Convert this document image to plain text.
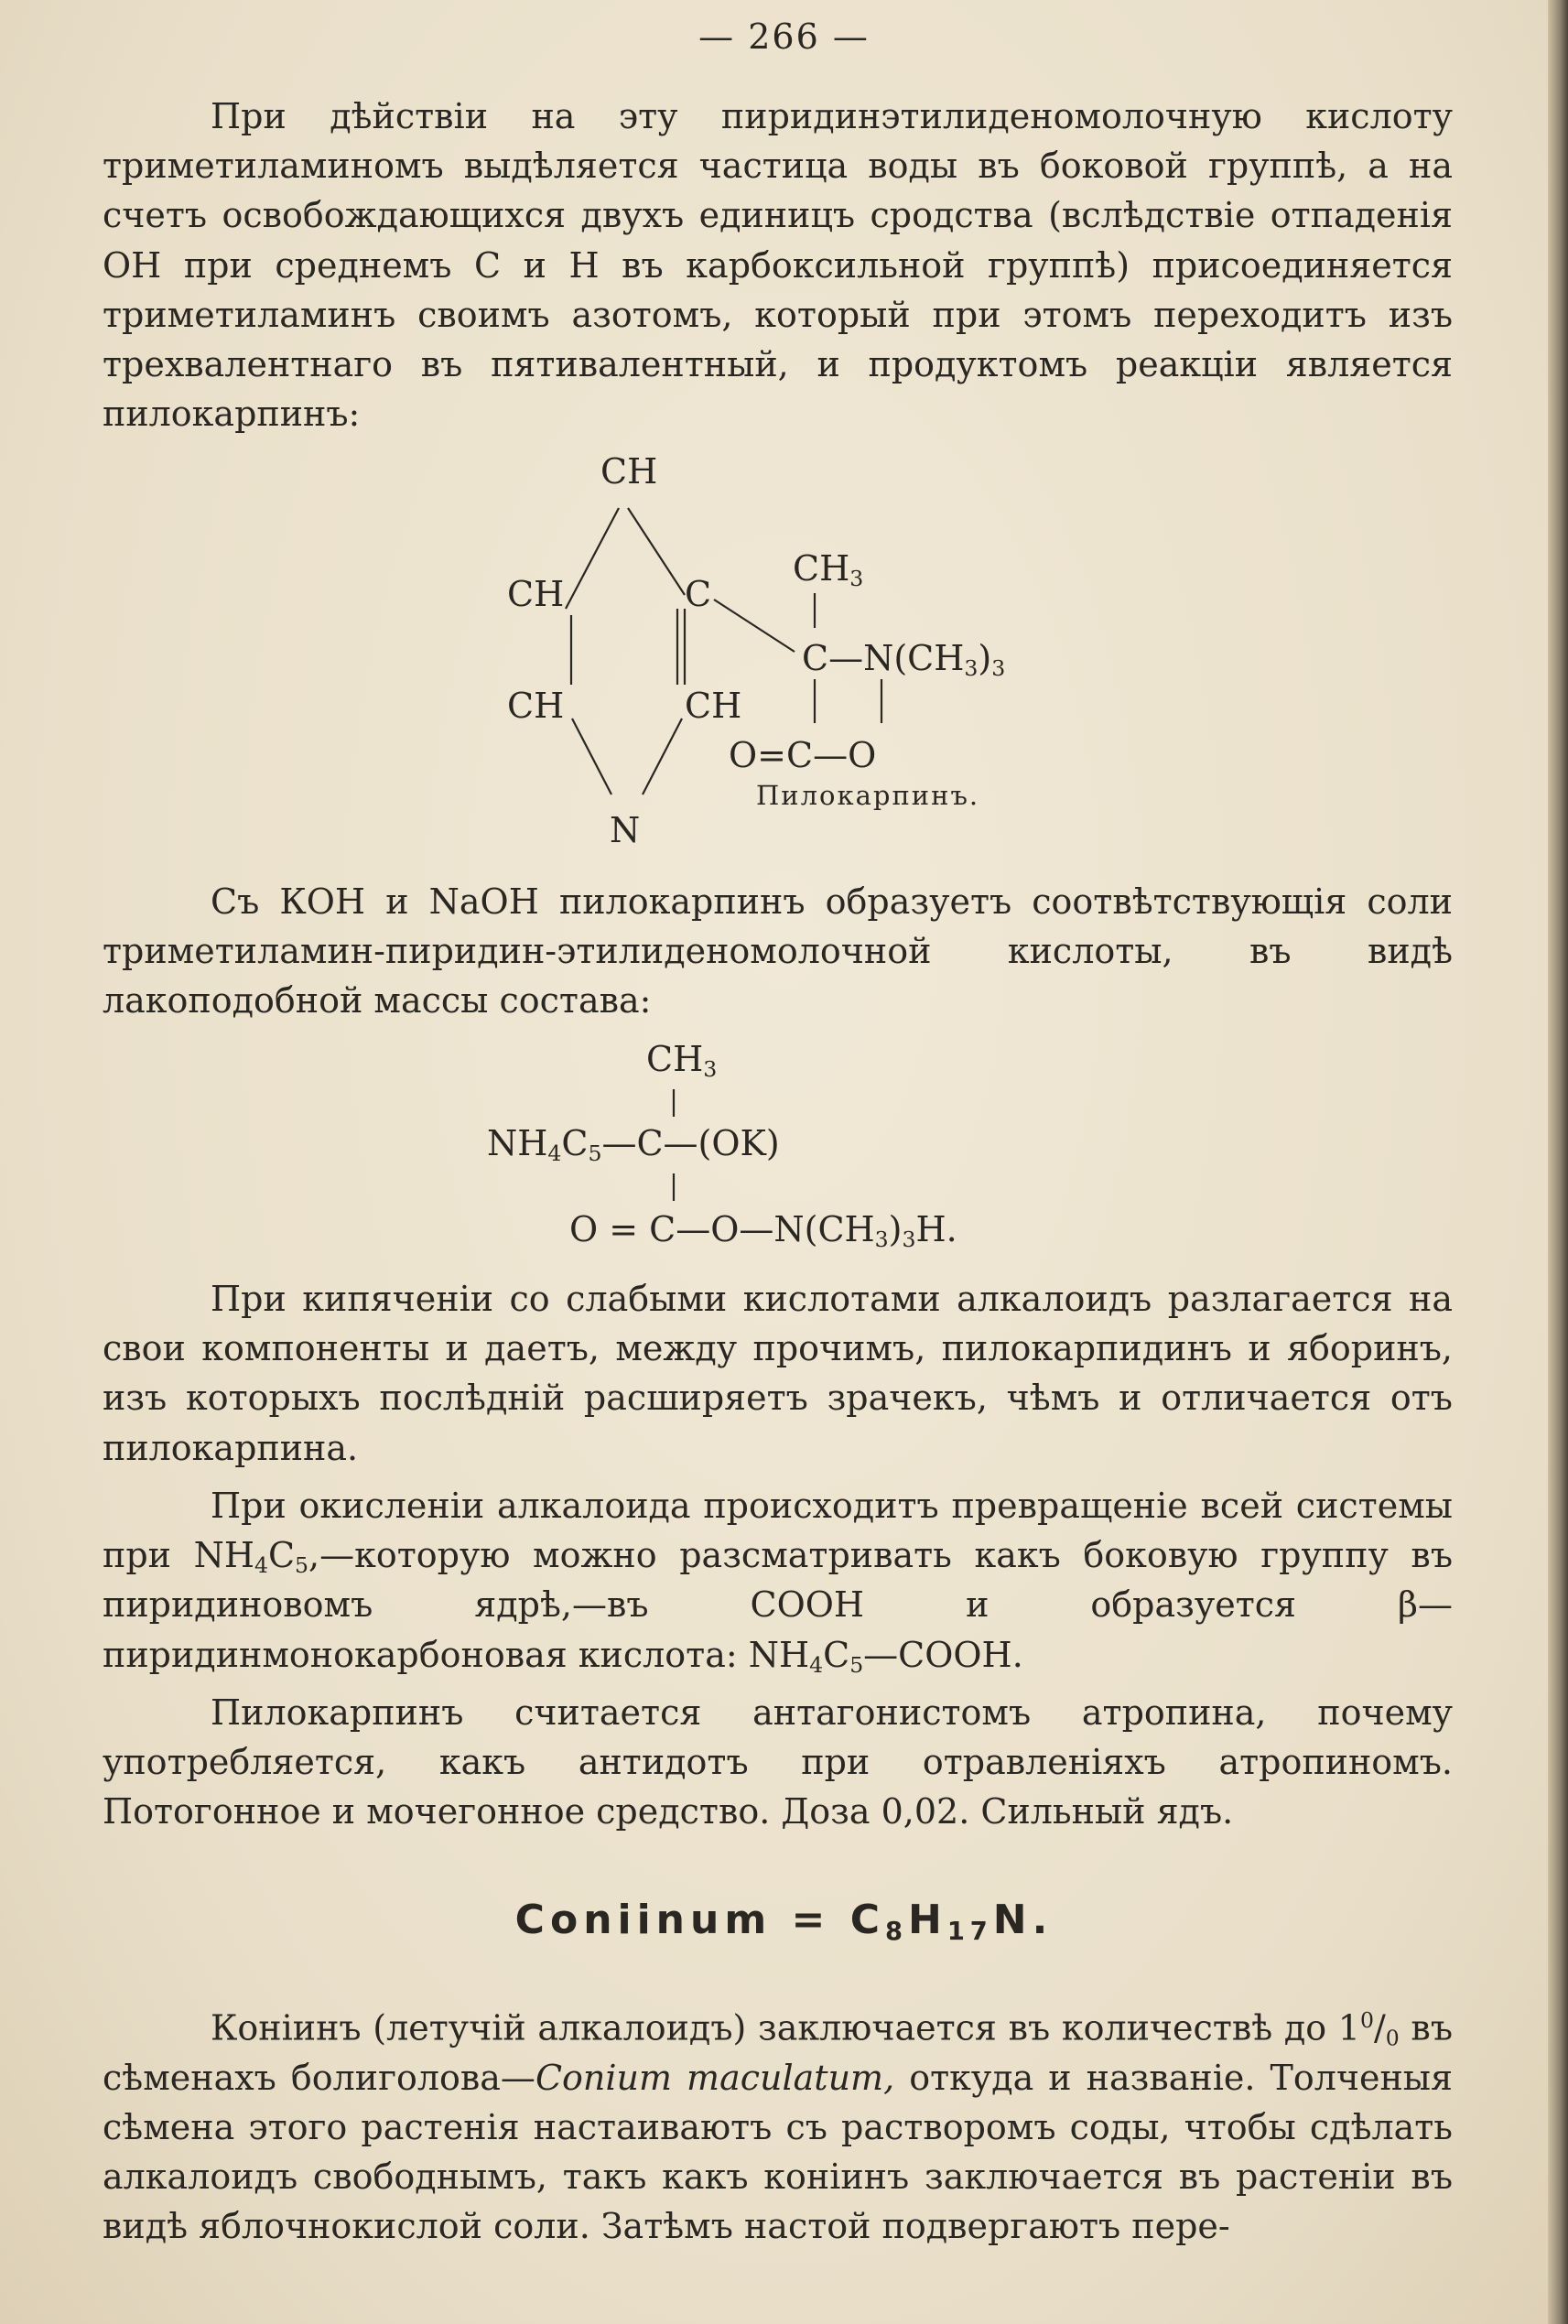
— 266 —
При дѣйствіи на эту пиридинэтилиденомолочную кислоту триметиламиномъ выдѣляется частица воды въ боковой группѣ, а на счетъ освобождающихся двухъ единицъ сродства (вслѣдствіе отпаденія ОН при среднемъ С и Н въ карбоксильной группѣ) присоединяется триметиламинъ своимъ азотомъ, который при этомъ переходитъ изъ трехвалентнаго въ пятивалентный, и продуктомъ реакціи является пилокарпинъ:
CH
CH
CH
C
CH
N
$CH_3$
$C—N(CH_3)_3$
O=C—O
Пилокарпинъ.
Съ КОН и NaOH пилокарпинъ образуетъ соотвѣтствующія соли триметиламин-пиридин-этилиденомолочной кислоты, въ видѣ лакоподобной массы состава:
$CH_3$
$NH_4C_5—C—(OK)$
$O = C—O—N(CH_3)_3H$.
При кипяченіи со слабыми кислотами алкалоидъ разлагается на свои компоненты и даетъ, между прочимъ, пилокарпидинъ и яборинъ, изъ которыхъ послѣдній расширяетъ зрачекъ, чѣмъ и отличается отъ пилокарпина.
При окисленіи алкалоида происходитъ превращеніе всей системы при $NH_4C_5,—которую$ можно разсматривать какъ боковую группу въ пиридиновомъ ядрѣ,—въ СООН и образуется β—пиридинмонокарбоновая кислота: $NH_4C_5—COOH$.
Пилокарпинъ считается антагонистомъ атропина, почему употребляется, какъ антидотъ при отравленіяхъ атропиномъ. Потогонное и мочегонное средство. Доза 0,02. Сильный ядъ.
Coniinum = $C_8H_{17}N$.
Конiинъ (летучiй алкалоидъ) заключается въ количествѣ до $1^0/_0$ въ сѣменахъ болиголова—Conium maculatum, откуда и названіе. Толченыя сѣмена этого растенія настаиваютъ съ растворомъ соды, чтобы сдѣлать алкалоидъ свободнымъ, такъ какъ конiинъ заключается въ растеніи въ видѣ яблочнокислой соли. Затѣмъ настой подвергаютъ пере-
